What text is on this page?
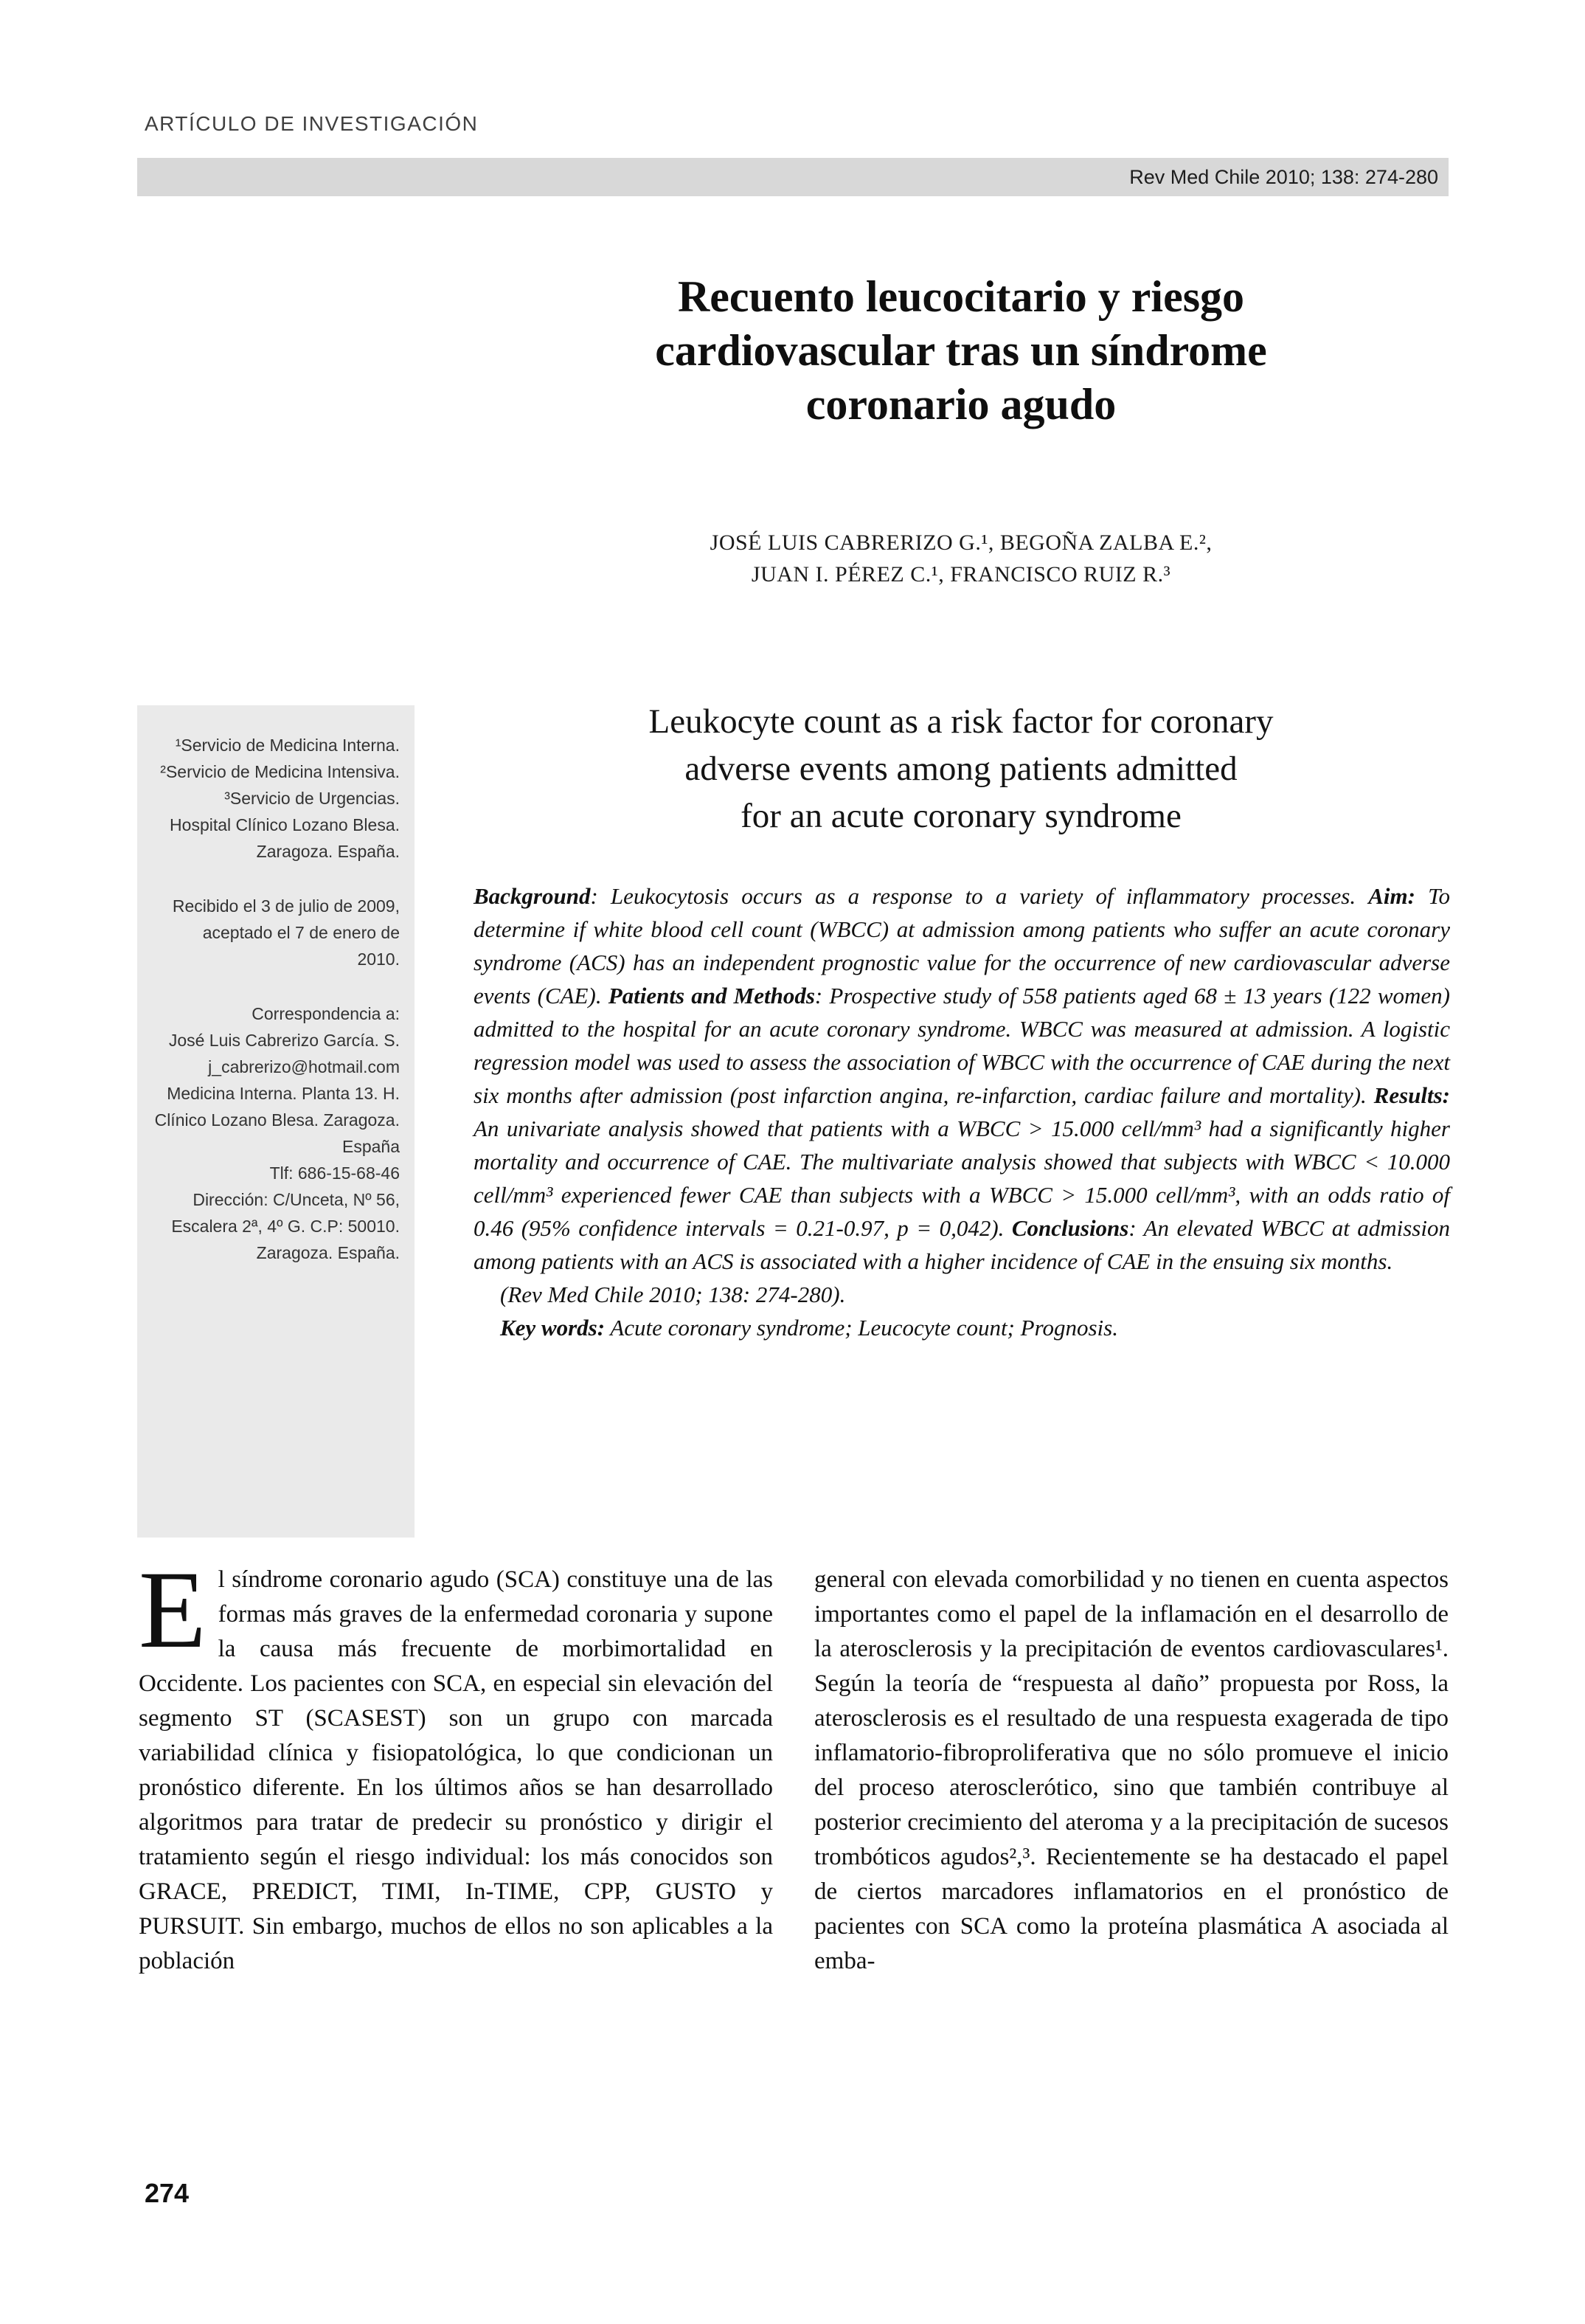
ARTÍCULO DE INVESTIGACIÓN
Rev Med Chile 2010; 138: 274-280
Recuento leucocitario y riesgo
cardiovascular tras un síndrome
coronario agudo
JOSÉ LUIS CABRERIZO G.¹, BEGOÑA ZALBA E.²,
JUAN I. PÉREZ C.¹, FRANCISCO RUIZ R.³
Leukocyte count as a risk factor for coronary
adverse events among patients admitted
for an acute coronary syndrome
¹Servicio de Medicina Interna.
²Servicio de Medicina Intensiva.
³Servicio de Urgencias.
Hospital Clínico Lozano Blesa.
Zaragoza. España.
Recibido el 3 de julio de 2009,
aceptado el 7 de enero de
2010.
Correspondencia a:
José Luis Cabrerizo García. S.
j_cabrerizo@hotmail.com
Medicina Interna. Planta 13. H.
Clínico Lozano Blesa. Zaragoza.
España
Tlf: 686-15-68-46
Dirección: C/Unceta, Nº 56,
Escalera 2ª, 4º G. C.P: 50010.
Zaragoza. España.

Background: Leukocytosis occurs as a response to a variety of inflammatory processes. Aim: To determine if white blood cell count (WBCC) at admission among patients who suffer an acute coronary syndrome (ACS) has an independent prognostic value for the occurrence of new cardiovascular adverse events (CAE). Patients and Methods: Prospective study of 558 patients aged 68 ± 13 years (122 women) admitted to the hospital for an acute coronary syndrome. WBCC was measured at admission. A logistic regression model was used to assess the association of WBCC with the occurrence of CAE during the next six months after admission (post infarction angina, re-infarction, cardiac failure and mortality). Results: An univariate analysis showed that patients with a WBCC > 15.000 cell/mm³ had a significantly higher mortality and occurrence of CAE. The multivariate analysis showed that subjects with WBCC < 10.000 cell/mm³ experienced fewer CAE than subjects with a WBCC > 15.000 cell/mm³, with an odds ratio of 0.46 (95% confidence intervals = 0.21-0.97, p = 0,042). Conclusions: An elevated WBCC at admission among patients with an ACS is associated with a higher incidence of CAE in the ensuing six months.

(Rev Med Chile 2010; 138: 274-280).

Key words: Acute coronary syndrome; Leucocyte count; Prognosis.

El síndrome coronario agudo (SCA) constituye una de las formas más graves de la enfermedad coronaria y supone la causa más frecuente de morbimortalidad en Occidente. Los pacientes con SCA, en especial sin elevación del segmento ST (SCASEST) son un grupo con marcada variabilidad clínica y fisiopatológica, lo que condicionan un pronóstico diferente. En los últimos años se han desarrollado algoritmos para tratar de predecir su pronóstico y dirigir el tratamiento según el riesgo individual: los más conocidos son GRACE, PREDICT, TIMI, In-TIME, CPP, GUSTO y PURSUIT. Sin embargo, muchos de ellos no son aplicables a la población
general con elevada comorbilidad y no tienen en cuenta aspectos importantes como el papel de la inflamación en el desarrollo de la aterosclerosis y la precipitación de eventos cardiovasculares¹. Según la teoría de “respuesta al daño” propuesta por Ross, la aterosclerosis es el resultado de una respuesta exagerada de tipo inflamatorio-fibroproliferativa que no sólo promueve el inicio del proceso aterosclerótico, sino que también contribuye al posterior crecimiento del ateroma y a la precipitación de sucesos trombóticos agudos²,³. Recientemente se ha destacado el papel de ciertos marcadores inflamatorios en el pronóstico de pacientes con SCA como la proteína plasmática A asociada al emba-
274
